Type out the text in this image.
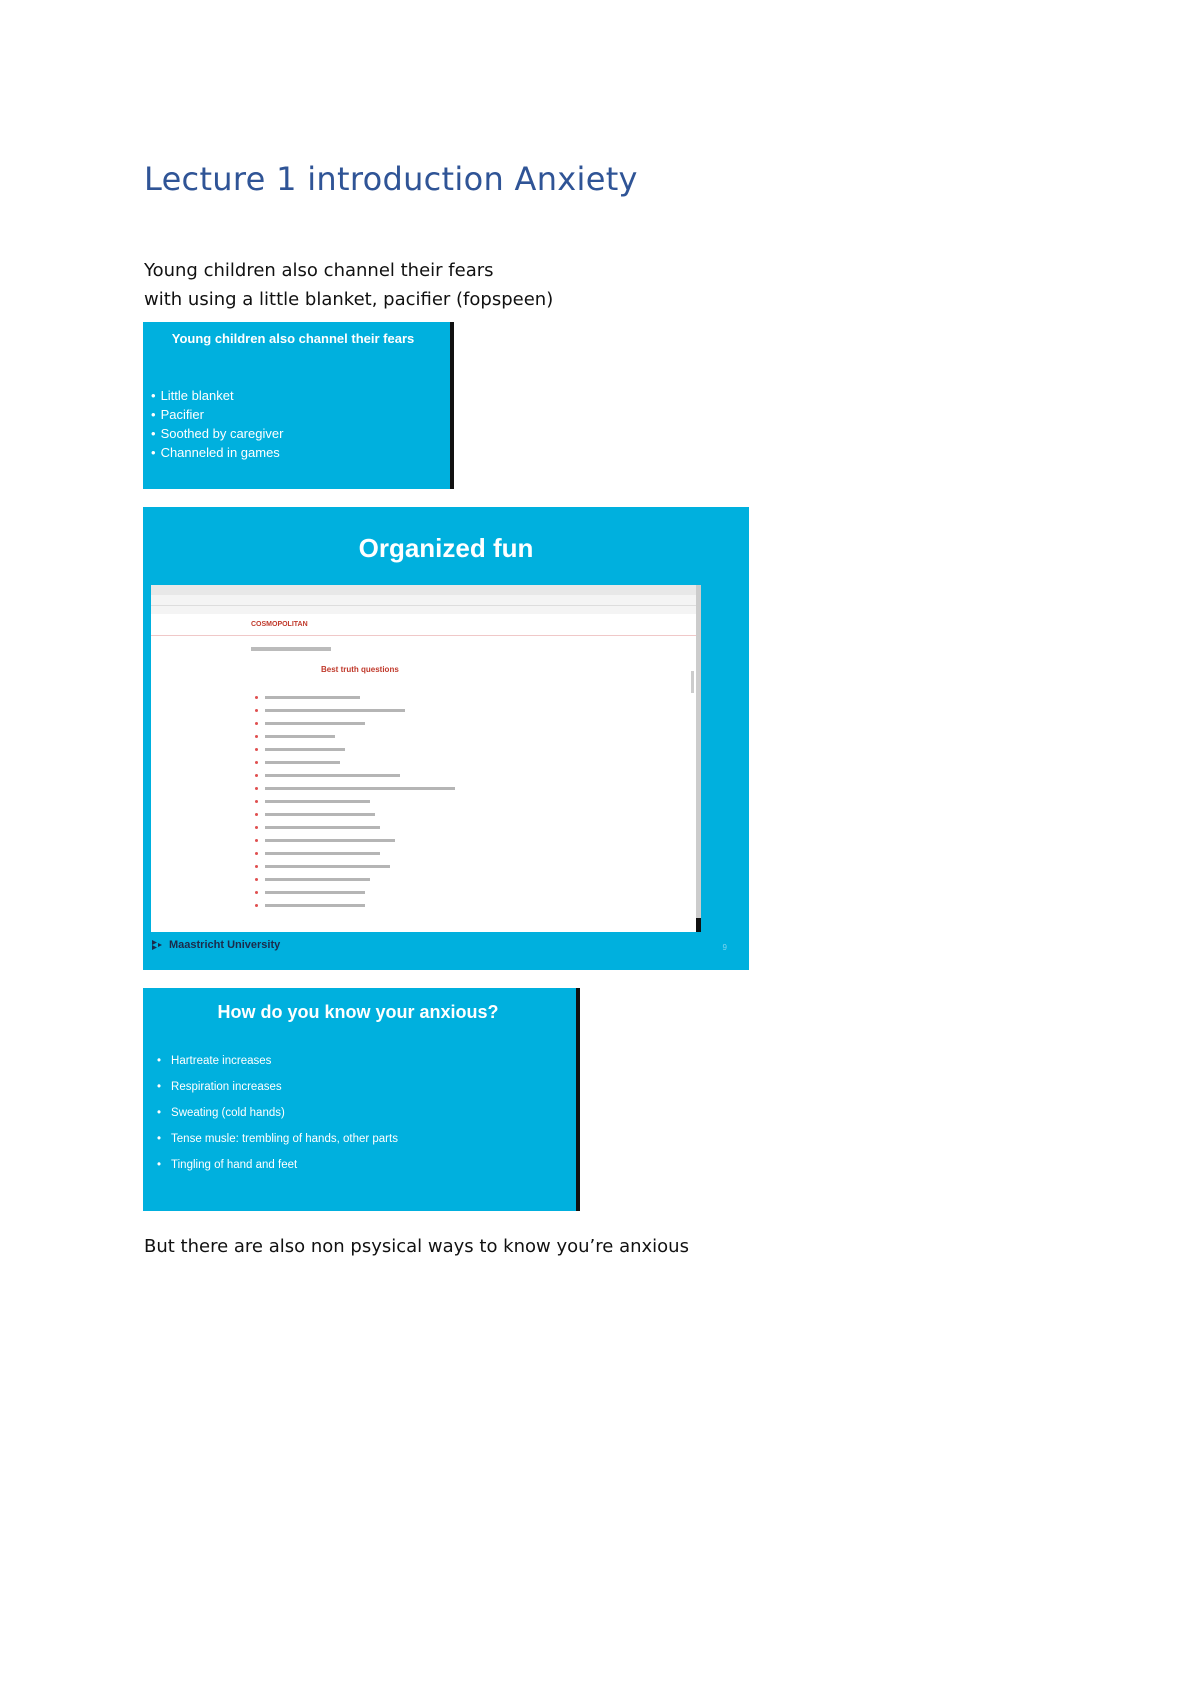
Lecture 1 introduction Anxiety
Young children also channel their fears
with using a little blanket, pacifier (fopspeen)
Young children also channel their fears
• Little blanket
• Pacifier
• Soothed by caregiver
• Channeled in games
Organized fun
COSMOPOLITAN
Best truth questions
Maastricht University	9
How do you know your anxious?
• Hartreate increases
• Respiration increases
• Sweating (cold hands)
• Tense musle: trembling of hands, other parts
• Tingling of hand and feet
But there are also non psysical ways to know you’re anxious
